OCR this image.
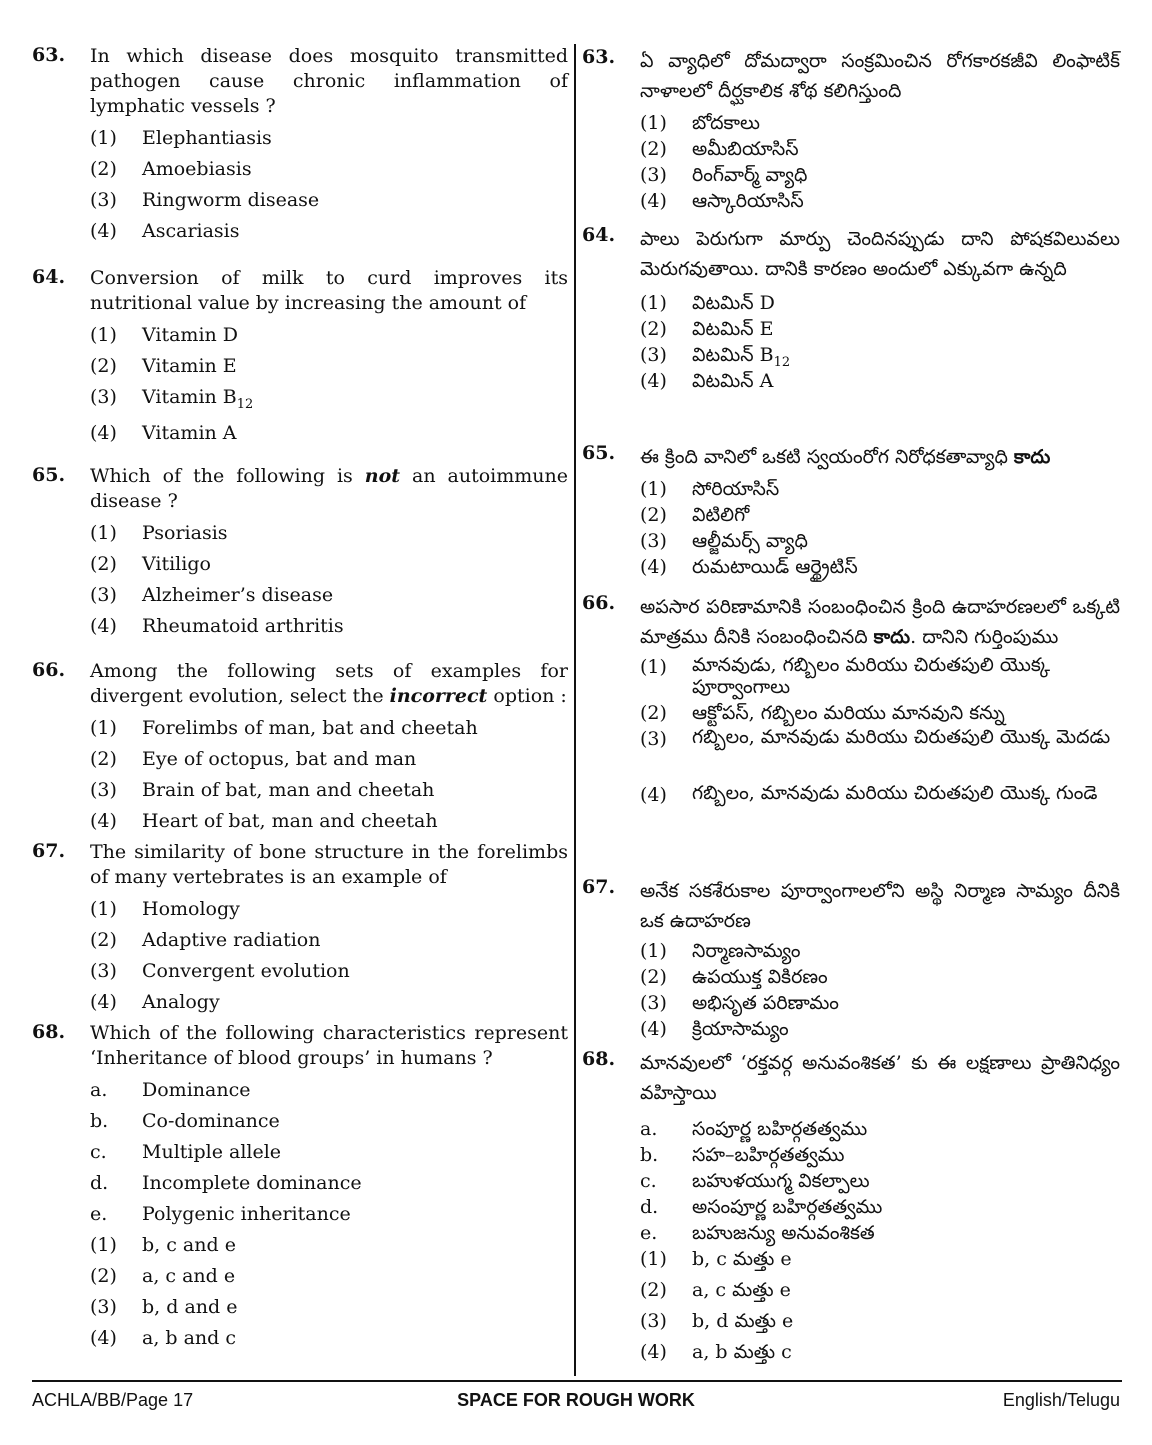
63. In which disease does mosquito transmitted pathogen cause chronic inflammation of lymphatic vessels ?
(1) Elephantiasis
(2) Amoebiasis
(3) Ringworm disease
(4) Ascariasis
64. Conversion of milk to curd improves its nutritional value by increasing the amount of
(1) Vitamin D
(2) Vitamin E
(3) Vitamin $B_{12}$
(4) Vitamin A
65. Which of the following is not an autoimmune disease ?
(1) Psoriasis
(2) Vitiligo
(3) Alzheimer’s disease
(4) Rheumatoid arthritis
66. Among the following sets of examples for divergent evolution, select the incorrect option :
(1) Forelimbs of man, bat and cheetah
(2) Eye of octopus, bat and man
(3) Brain of bat, man and cheetah
(4) Heart of bat, man and cheetah
67. The similarity of bone structure in the forelimbs of many vertebrates is an example of
(1) Homology
(2) Adaptive radiation
(3) Convergent evolution
(4) Analogy
68. Which of the following characteristics represent ‘Inheritance of blood groups’ in humans ?
a. Dominance
b. Co-dominance
c. Multiple allele
d. Incomplete dominance
e. Polygenic inheritance
(1) b, c and e
(2) a, c and e
(3) b, d and e
(4) a, b and c
63. ఏ వ్యాధిలో దోమద్వారా సంక్రమించిన రోగకారకజీవి లింఫాటిక్ నాళాలలో దీర్ఘకాలిక శోథ కలిగిస్తుంది
(1) బోదకాలు
(2) అమీబియాసిస్
(3) రింగ్‌వార్మ్ వ్యాధి
(4) ఆస్కారియాసిస్
64. పాలు పెరుగుగా మార్పు చెందినప్పుడు దాని పోషకవిలువలు మెరుగవుతాయి. దానికి కారణం అందులో ఎక్కువగా ఉన్నది
(1) విటమిన్ D
(2) విటమిన్ E
(3) విటమిన్ $B_{12}$
(4) విటమిన్ A
65. ఈ క్రింది వానిలో ఒకటి స్వయంరోగ నిరోధకతావ్యాధి కాదు
(1) సోరియాసిస్
(2) విటిలిగో
(3) ఆల్జీమర్స్ వ్యాధి
(4) రుమటాయిడ్ ఆర్థ్రైటిస్
66. అపసార పరిణామానికి సంబంధించిన క్రింది ఉదాహరణలలో ఒక్కటి మాత్రము దీనికి సంబంధించినది కాదు. దానిని గుర్తింపుము
(1) మానవుడు, గబ్బిలం మరియు చిరుతపులి యొక్క పూర్వాంగాలు
(2) ఆక్టోపస్, గబ్బిలం మరియు మానవుని కన్ను
(3) గబ్బిలం, మానవుడు మరియు చిరుతపులి యొక్క మెదడు
(4) గబ్బిలం, మానవుడు మరియు చిరుతపులి యొక్క గుండె
67. అనేక సకశేరుకాల పూర్వాంగాలలోని అస్థి నిర్మాణ సామ్యం దీనికి ఒక ఉదాహరణ
(1) నిర్మాణసామ్యం
(2) ఉపయుక్త వికిరణం
(3) అభిసృత పరిణామం
(4) క్రియాసామ్యం
68. మానవులలో ‘రక్తవర్గ అనువంశికత’ కు ఈ లక్షణాలు ప్రాతినిధ్యం వహిస్తాయి
a. సంపూర్ణ బహిర్గతత్వము
b. సహ–బహిర్గతత్వము
c. బహుళయుగ్మ వికల్పాలు
d. అసంపూర్ణ బహిర్గతత్వము
e. బహుజన్యు అనువంశికత
(1) b, c మత్తు e
(2) a, c మత్తు e
(3) b, d మత్తు e
(4) a, b మత్తు c
ACHLA/BB/Page 17	SPACE FOR ROUGH WORK	English/Telugu
